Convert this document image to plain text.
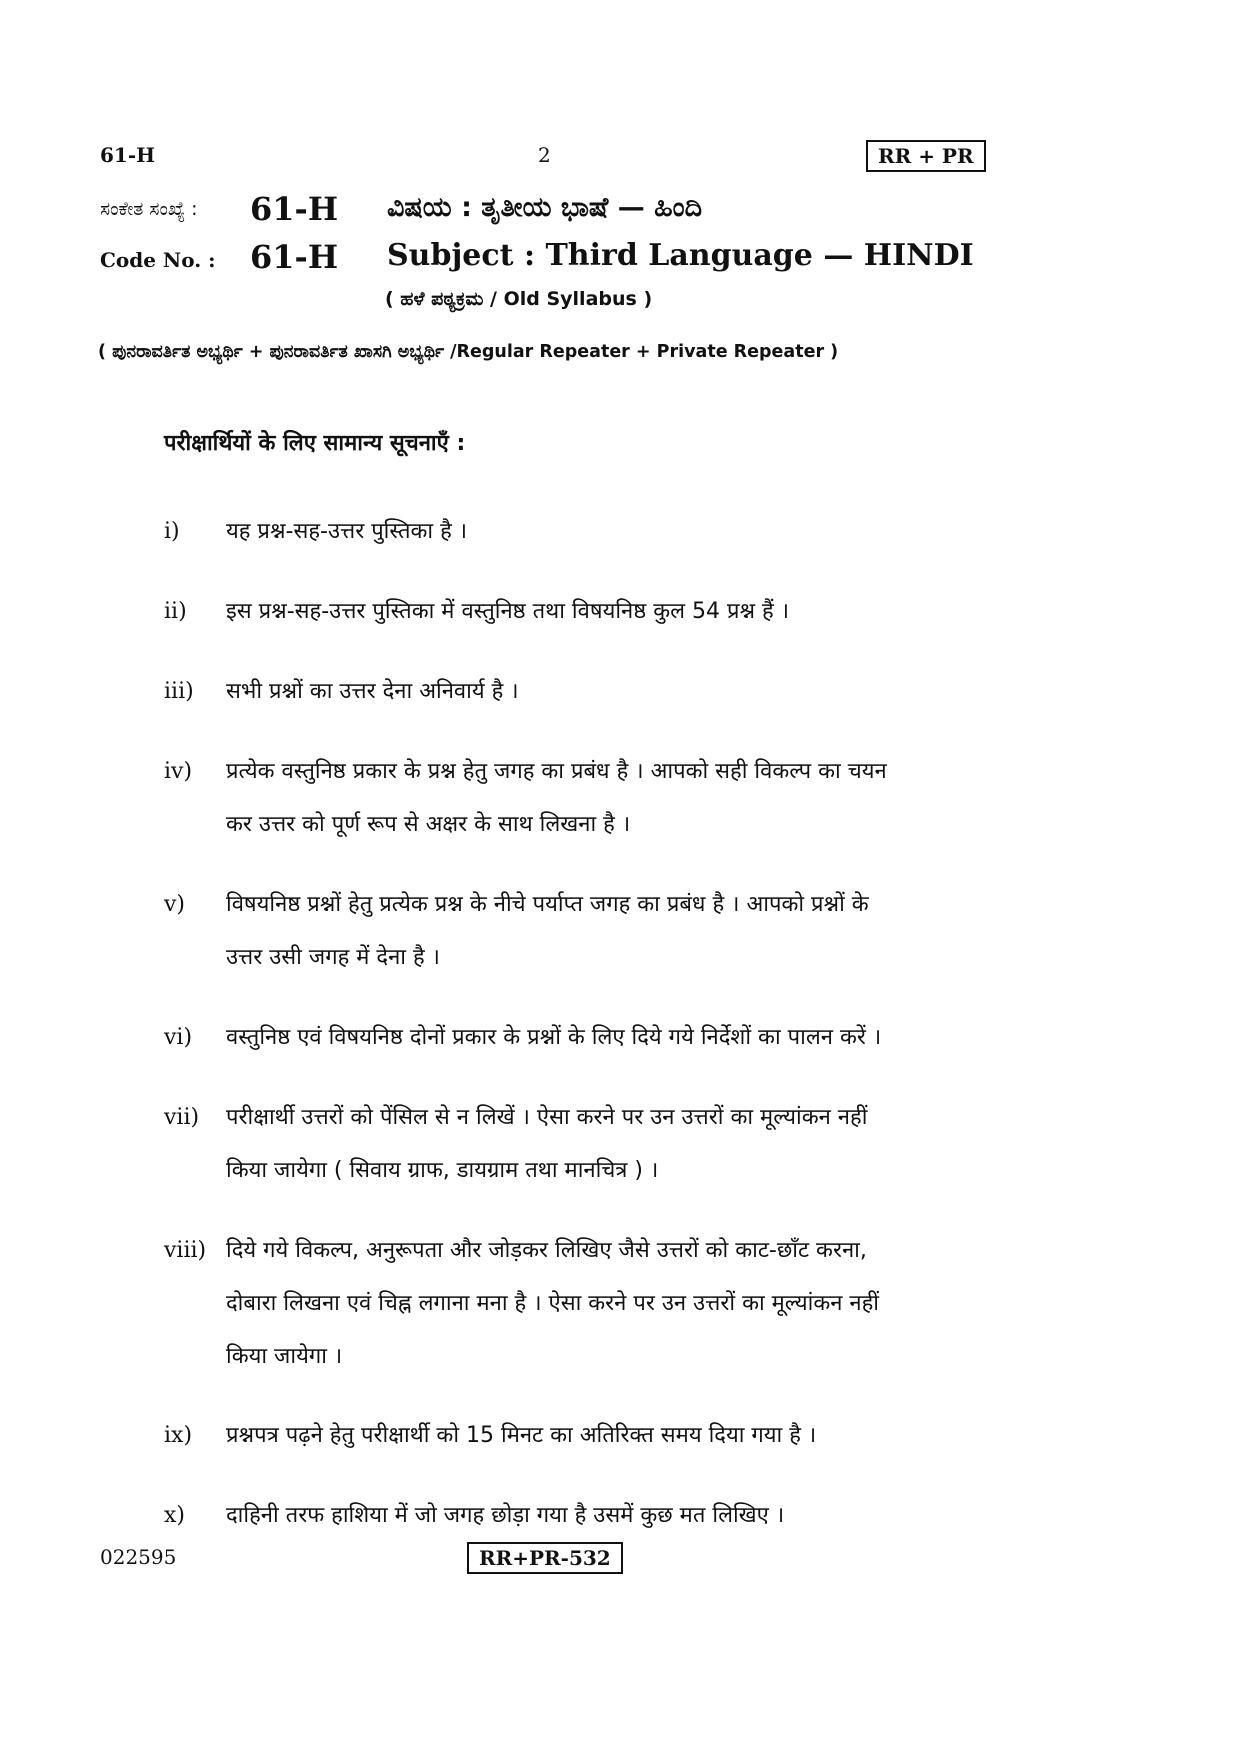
61-H	2	RR + PR
ಸಂಕೇತ ಸಂಖ್ಯೆ : 61-H ವಿಷಯ : ತೃತೀಯ ಭಾಷೆ — ಹಿಂದಿ
Code No. : 61-H Subject : Third Language — HINDI
( ಹಳೆ ಪಠ್ಯಕ್ರಮ / Old Syllabus )
( ಪುನರಾವರ್ತಿತ ಅಭ್ಯರ್ಥಿ + ಪುನರಾವರ್ತಿತ ಖಾಸಗಿ ಅಭ್ಯರ್ಥಿ /Regular Repeater + Private Repeater )
परीक्षार्थियों के लिए सामान्य सूचनाएँ :
i) यह प्रश्न-सह-उत्तर पुस्तिका है ।
ii) इस प्रश्न-सह-उत्तर पुस्तिका में वस्तुनिष्ठ तथा विषयनिष्ठ कुल 54 प्रश्न हैं ।
iii) सभी प्रश्नों का उत्तर देना अनिवार्य है ।
iv) प्रत्येक वस्तुनिष्ठ प्रकार के प्रश्न हेतु जगह का प्रबंध है । आपको सही विकल्प का चयन
कर उत्तर को पूर्ण रूप से अक्षर के साथ लिखना है ।
v) विषयनिष्ठ प्रश्नों हेतु प्रत्येक प्रश्न के नीचे पर्याप्त जगह का प्रबंध है । आपको प्रश्नों के
उत्तर उसी जगह में देना है ।
vi) वस्तुनिष्ठ एवं विषयनिष्ठ दोनों प्रकार के प्रश्नों के लिए दिये गये निर्देशों का पालन करें ।
vii) परीक्षार्थी उत्तरों को पेंसिल से न लिखें । ऐसा करने पर उन उत्तरों का मूल्यांकन नहीं
किया जायेगा ( सिवाय ग्राफ, डायग्राम तथा मानचित्र ) ।
viii) दिये गये विकल्प, अनुरूपता और जोड़कर लिखिए जैसे उत्तरों को काट-छाँट करना,
दोबारा लिखना एवं चिह्न लगाना मना है । ऐसा करने पर उन उत्तरों का मूल्यांकन नहीं
किया जायेगा ।
ix) प्रश्नपत्र पढ़ने हेतु परीक्षार्थी को 15 मिनट का अतिरिक्त समय दिया गया है ।
x) दाहिनी तरफ हाशिया में जो जगह छोड़ा गया है उसमें कुछ मत लिखिए ।
022595	RR+PR-532
